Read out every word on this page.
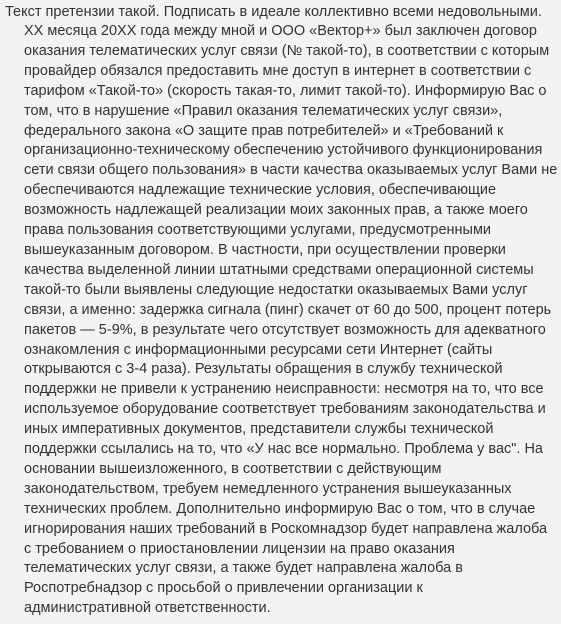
Текст претензии такой. Подписать в идеале коллективно всеми недовольными.
XX месяца 20XX года между мной и ООО «Вектор+» был заключен договор
оказания телематических услуг связи (№ такой-то), в соответствии с которым
провайдер обязался предоставить мне доступ в интернет в соответствии с
тарифом «Такой-то» (скорость такая-то, лимит такой-то). Информирую Вас о
том, что в нарушение «Правил оказания телематических услуг связи»,
федерального закона «О защите прав потребителей» и «Требований к
организационно-техническому обеспечению устойчивого функционирования
сети связи общего пользования» в части качества оказываемых услуг Вами не
обеспечиваются надлежащие технические условия, обеспечивающие
возможность надлежащей реализации моих законных прав, а также моего
права пользования соответствующими услугами, предусмотренными
вышеуказанным договором. В частности, при осуществлении проверки
качества выделенной линии штатными средствами операционной системы
такой-то были выявлены следующие недостатки оказываемых Вами услуг
связи, а именно: задержка сигнала (пинг) скачет от 60 до 500, процент потерь
пакетов — 5-9%, в результате чего отсутствует возможность для адекватного
ознакомления с информационными ресурсами сети Интернет (сайты
открываются с 3-4 раза). Результаты обращения в службу технической
поддержки не привели к устранению неисправности: несмотря на то, что все
используемое оборудование соответствует требованиям законодательства и
иных императивных документов, представители службы технической
поддержки ссылались на то, что «У нас все нормально. Проблема у вас". На
основании вышеизложенного, в соответствии с действующим
законодательством, требуем немедленного устранения вышеуказанных
технических проблем. Дополнительно информирую Вас о том, что в случае
игнорирования наших требований в Роскомнадзор будет направлена жалоба
с требованием о приостановлении лицензии на право оказания
телематических услуг связи, а также будет направлена жалоба в
Роспотребнадзор с просьбой о привлечении организации к
административной ответственности.
